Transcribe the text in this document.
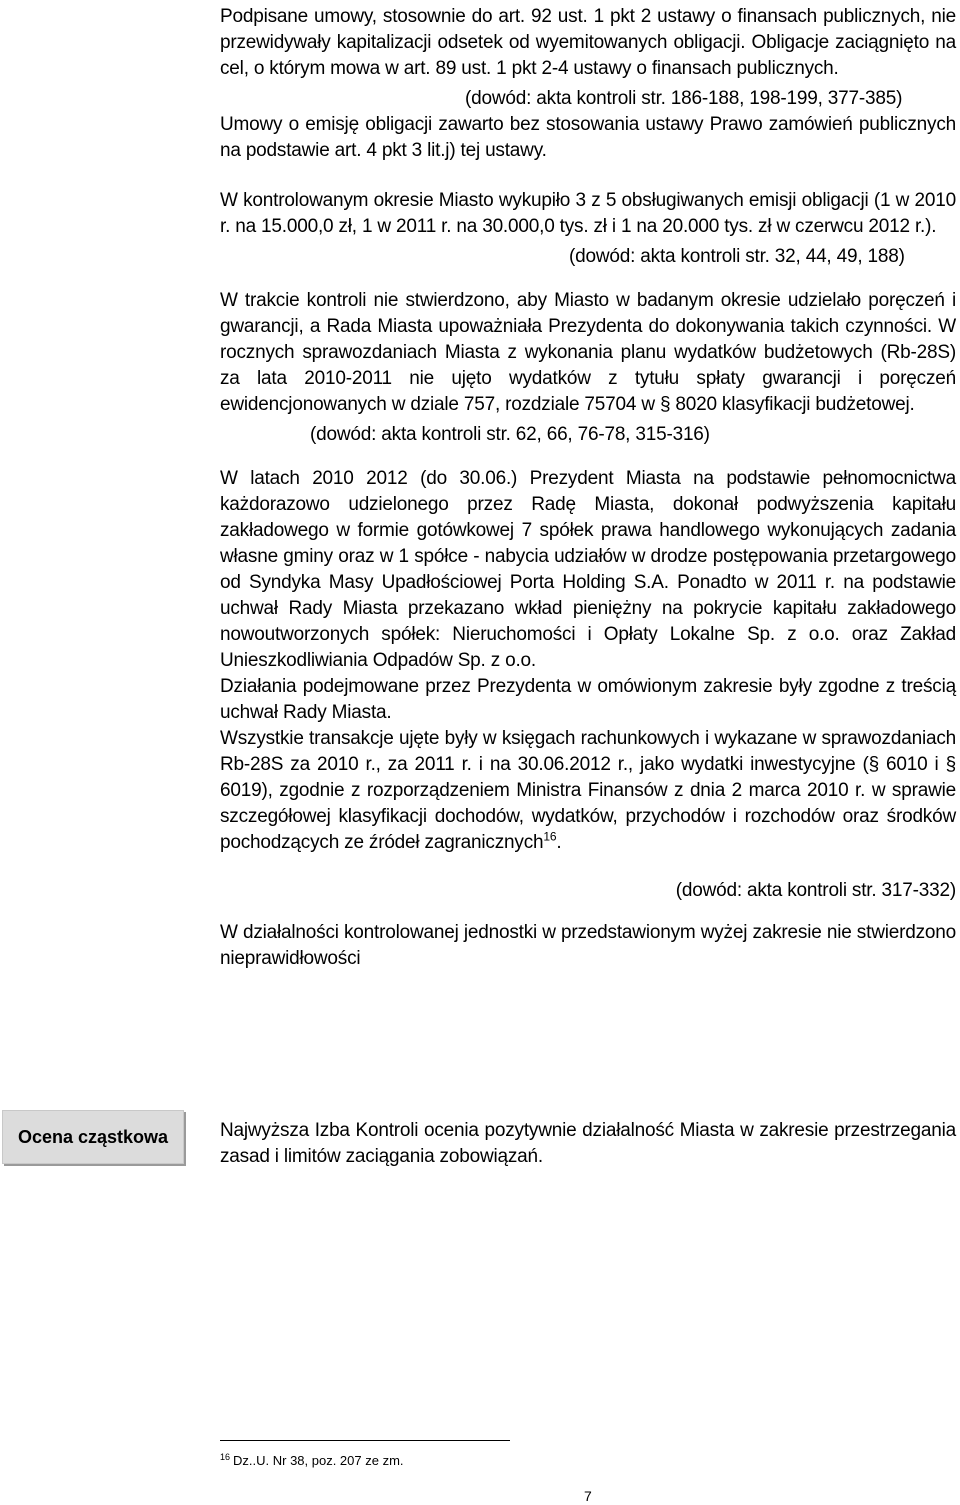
Podpisane umowy, stosownie do art. 92 ust. 1 pkt 2 ustawy o finansach publicznych, nie przewidywały kapitalizacji odsetek od wyemitowanych obligacji. Obligacje zaciągnięto na cel, o którym mowa w art. 89 ust. 1 pkt 2-4 ustawy o finansach publicznych.

(dowód: akta kontroli str. 186-188, 198-199, 377-385)

Umowy o emisję obligacji zawarto bez stosowania ustawy Prawo zamówień publicznych na podstawie art. 4 pkt 3 lit.j) tej ustawy.

W kontrolowanym okresie Miasto wykupiło 3 z 5 obsługiwanych emisji obligacji (1 w 2010 r. na 15.000,0 zł, 1 w 2011 r. na 30.000,0 tys. zł i 1 na 20.000 tys. zł w czerwcu 2012 r.).

(dowód: akta kontroli str. 32, 44, 49, 188)

W trakcie kontroli nie stwierdzono, aby Miasto w badanym okresie udzielało poręczeń i gwarancji, a Rada Miasta upoważniała Prezydenta do dokonywania takich czynności. W rocznych sprawozdaniach Miasta z wykonania planu wydatków budżetowych (Rb-28S) za lata 2010-2011 nie ujęto wydatków z tytułu spłaty gwarancji i poręczeń ewidencjonowanych w dziale 757, rozdziale 75704 w § 8020 klasyfikacji budżetowej.

(dowód: akta kontroli str. 62, 66, 76-78, 315-316)

W latach 2010 2012 (do 30.06.) Prezydent Miasta na podstawie pełnomocnictwa każdorazowo udzielonego przez Radę Miasta, dokonał podwyższenia kapitału zakładowego w formie gotówkowej 7 spółek prawa handlowego wykonujących zadania własne gminy oraz w 1 spółce - nabycia udziałów w drodze postępowania przetargowego od Syndyka Masy Upadłościowej Porta Holding S.A. Ponadto w 2011 r. na podstawie uchwał Rady Miasta przekazano wkład pieniężny na pokrycie kapitału zakładowego nowoutworzonych spółek: Nieruchomości i Opłaty Lokalne Sp. z o.o. oraz Zakład Unieszkodliwiania Odpadów Sp. z o.o.

Działania podejmowane przez Prezydenta w omówionym zakresie były zgodne z treścią uchwał Rady Miasta.

Wszystkie transakcje ujęte były w księgach rachunkowych i wykazane w sprawozdaniach Rb-28S za 2010 r., za 2011 r. i na 30.06.2012 r., jako wydatki inwestycyjne (§ 6010 i § 6019), zgodnie z rozporządzeniem Ministra Finansów z dnia 2 marca 2010 r. w sprawie szczegółowej klasyfikacji dochodów, wydatków, przychodów i rozchodów oraz środków pochodzących ze źródeł zagranicznych$^{16}$.

(dowód: akta kontroli str. 317-332)

W działalności kontrolowanej jednostki w przedstawionym wyżej zakresie nie stwierdzono nieprawidłowości

Ocena cząstkowa	Najwyższa Izba Kontroli ocenia pozytywnie działalność Miasta w zakresie przestrzegania zasad i limitów zaciągania zobowiązań.

$^{16}$ Dz..U. Nr 38, poz. 207 ze zm.
7
